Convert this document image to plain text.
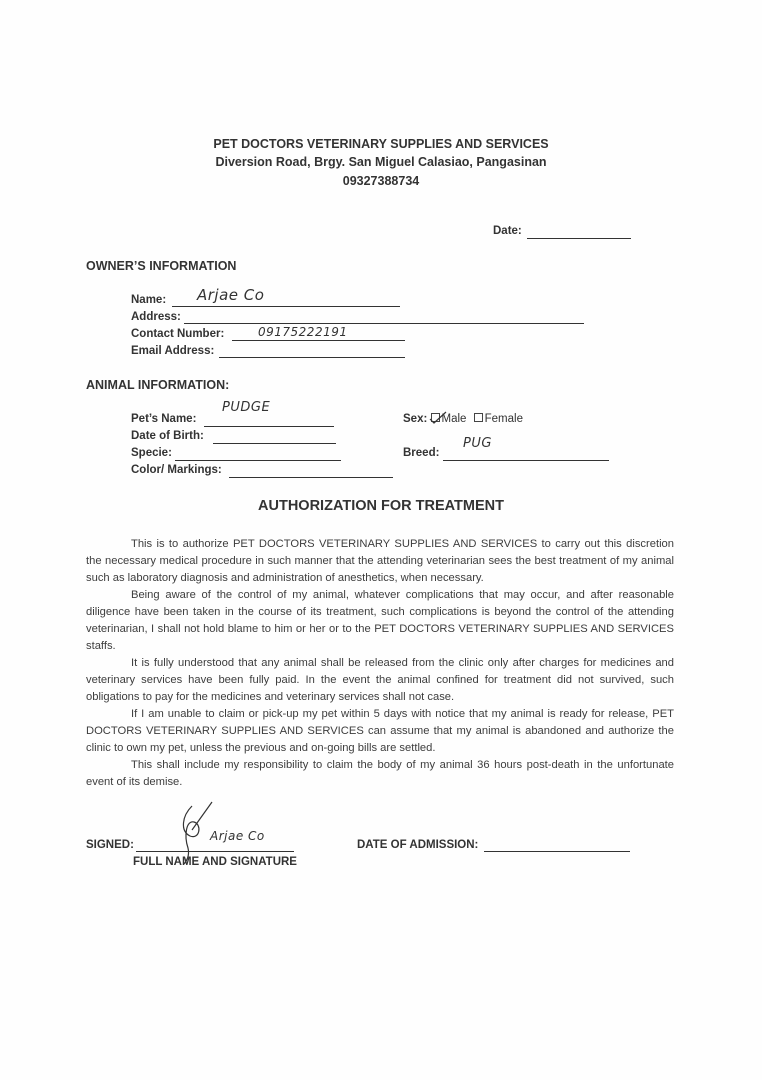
PET DOCTORS VETERINARY SUPPLIES AND SERVICES
Diversion Road, Brgy. San Miguel Calasiao, Pangasinan
09327388734
Date:
OWNER’S INFORMATION
Name: Arjae Co
Address:
Contact Number:	09175222191
Email Address:
ANIMAL INFORMATION:
Pet’s Name:
PUDGE
Date of Birth:
Specie:
Color/ Markings:
Sex: Male Female
Breed:
PUG
AUTHORIZATION FOR TREATMENT

This is to authorize PET DOCTORS VETERINARY SUPPLIES AND SERVICES to carry out this discretion the necessary medical procedure in such manner that the attending veterinarian sees the best treatment of my animal such as laboratory diagnosis and administration of anesthetics, when necessary.

Being aware of the control of my animal, whatever complications that may occur, and after reasonable diligence have been taken in the course of its treatment, such complications is beyond the control of the attending veterinarian, I shall not hold blame to him or her or to the PET DOCTORS VETERINARY SUPPLIES AND SERVICES staffs.

It is fully understood that any animal shall be released from the clinic only after charges for medicines and veterinary services have been fully paid. In the event the animal confined for treatment did not survived, such obligations to pay for the medicines and veterinary services shall not case.

If I am unable to claim or pick-up my pet within 5 days with notice that my animal is ready for release, PET DOCTORS VETERINARY SUPPLIES AND SERVICES can assume that my animal is abandoned and authorize the clinic to own my pet, unless the previous and on-going bills are settled.

This shall include my responsibility to claim the body of my animal 36 hours post-death in the unfortunate event of its demise.

SIGNED:
Arjae Co
FULL NAME AND SIGNATURE
DATE OF ADMISSION:
